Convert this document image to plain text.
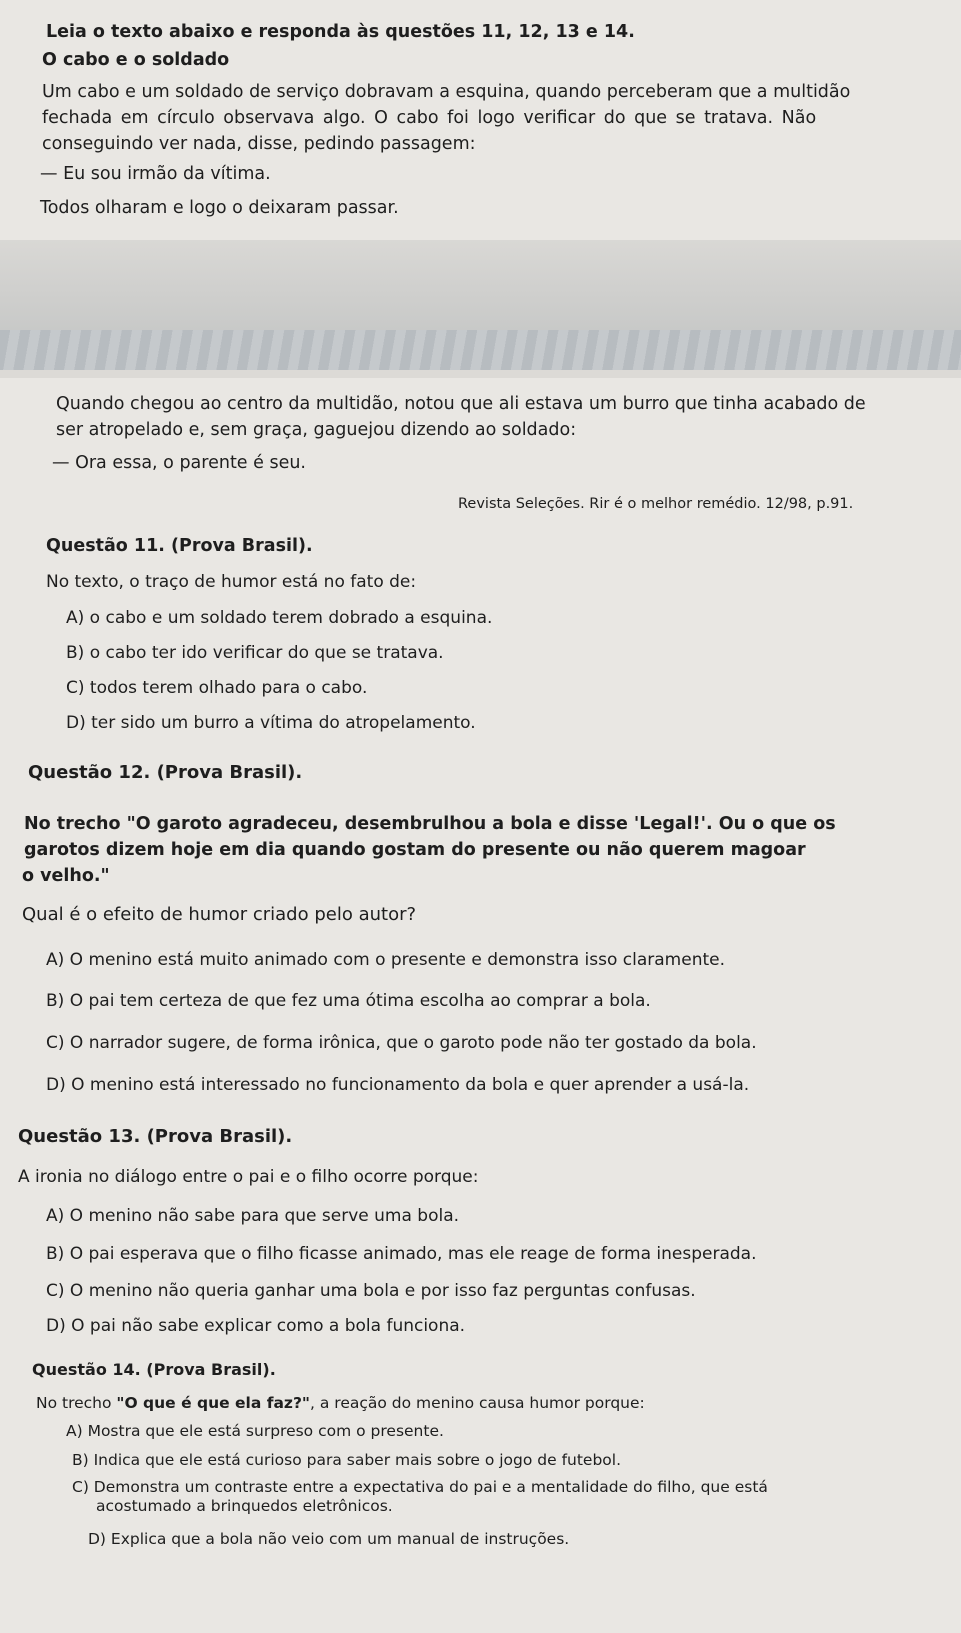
Leia o texto abaixo e responda às questões 11, 12, 13 e 14.

O cabo e o soldado

Um cabo e um soldado de serviço dobravam a esquina, quando perceberam que a multidão

fechada em círculo observava algo. O cabo foi logo verificar do que se tratava. Não

conseguindo ver nada, disse, pedindo passagem:

— Eu sou irmão da vítima.

Todos olharam e logo o deixaram passar.

Quando chegou ao centro da multidão, notou que ali estava um burro que tinha acabado de

ser atropelado e, sem graça, gaguejou dizendo ao soldado:

— Ora essa, o parente é seu.

Revista Seleções. Rir é o melhor remédio. 12/98, p.91.

Questão 11. (Prova Brasil).

No texto, o traço de humor está no fato de:

A) o cabo e um soldado terem dobrado a esquina.

B) o cabo ter ido verificar do que se tratava.

C) todos terem olhado para o cabo.

D) ter sido um burro a vítima do atropelamento.

Questão 12. (Prova Brasil).

No trecho "O garoto agradeceu, desembrulhou a bola e disse 'Legal!'. Ou o que os

garotos dizem hoje em dia quando gostam do presente ou não querem magoar

o velho."

Qual é o efeito de humor criado pelo autor?

A) O menino está muito animado com o presente e demonstra isso claramente.

B) O pai tem certeza de que fez uma ótima escolha ao comprar a bola.

C) O narrador sugere, de forma irônica, que o garoto pode não ter gostado da bola.

D) O menino está interessado no funcionamento da bola e quer aprender a usá-la.

Questão 13. (Prova Brasil).

A ironia no diálogo entre o pai e o filho ocorre porque:

A) O menino não sabe para que serve uma bola.

B) O pai esperava que o filho ficasse animado, mas ele reage de forma inesperada.

C) O menino não queria ganhar uma bola e por isso faz perguntas confusas.

D) O pai não sabe explicar como a bola funciona.

Questão 14. (Prova Brasil).

No trecho "O que é que ela faz?", a reação do menino causa humor porque:

A) Mostra que ele está surpreso com o presente.

B) Indica que ele está curioso para saber mais sobre o jogo de futebol.

C) Demonstra um contraste entre a expectativa do pai e a mentalidade do filho, que está

acostumado a brinquedos eletrônicos.

D) Explica que a bola não veio com um manual de instruções.
